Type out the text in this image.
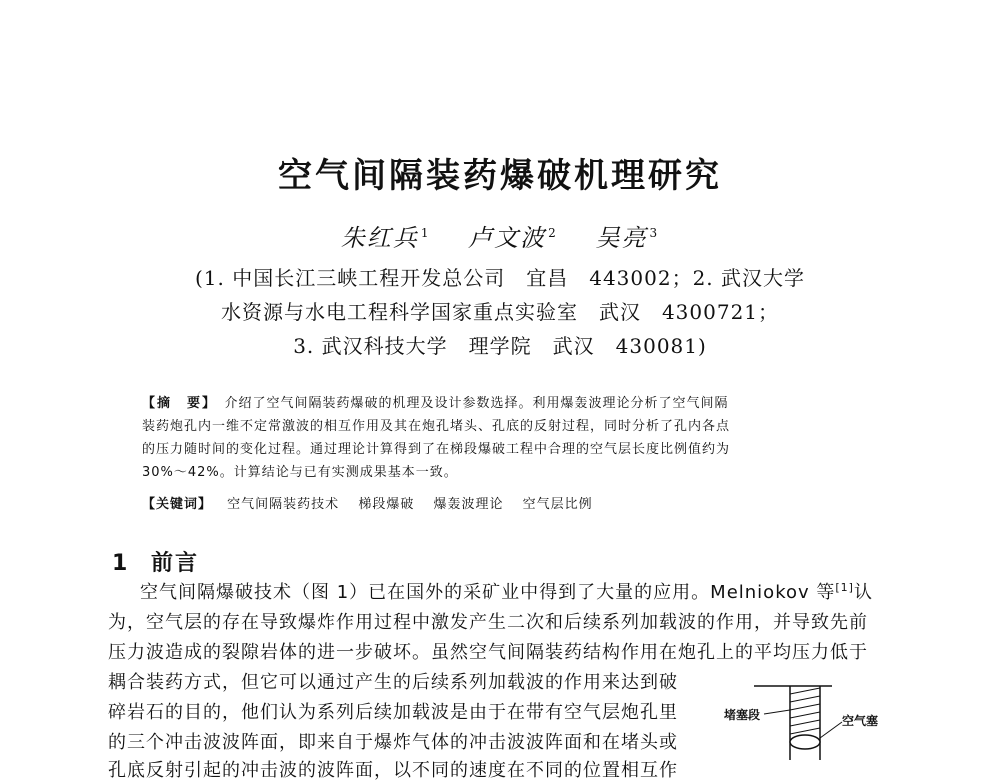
空气间隔装药爆破机理研究
朱红兵 $^1$ 卢文波 $^2$ 吴亮 $^3$
(1. 中国长江三峡工程开发总公司　宜昌　443002；2. 武汉大学
水资源与水电工程科学国家重点实验室　武汉　4300721；
3. 武汉科技大学　理学院　武汉　430081)

【摘　要】　 介绍了空气间隔装药爆破的机理及设计参数选择。利用爆轰波理论分析了空气间隔

装药炮孔内一维不定常激波的相互作用及其在炮孔堵头、孔底的反射过程，同时分析了孔内各点

的压力随时间的变化过程。通过理论计算得到了在梯段爆破工程中合理的空气层长度比例值约为

30%～42%。计算结论与已有实测成果基本一致。

【关键词】 空气间隔装药技术 梯段爆破 爆轰波理论 空气层比例
1 前言
空气间隔爆破技术（图 1）已在国外的采矿业中得到了大量的应用。Melniokov 等[1]认
为，空气层的存在导致爆炸作用过程中激发产生二次和后续系列加载波的作用，并导致先前
压力波造成的裂隙岩体的进一步破坏。虽然空气间隔装药结构作用在炮孔上的平均压力低于
耦合装药方式，但它可以通过产生的后续系列加载波的作用来达到破
碎岩石的目的，他们认为系列后续加载波是由于在带有空气层炮孔里
的三个冲击波波阵面，即来自于爆炸气体的冲击波波阵面和在堵头或
孔底反射引起的冲击波的波阵面，以不同的速度在不同的位置相互作
堵塞段	空气塞
